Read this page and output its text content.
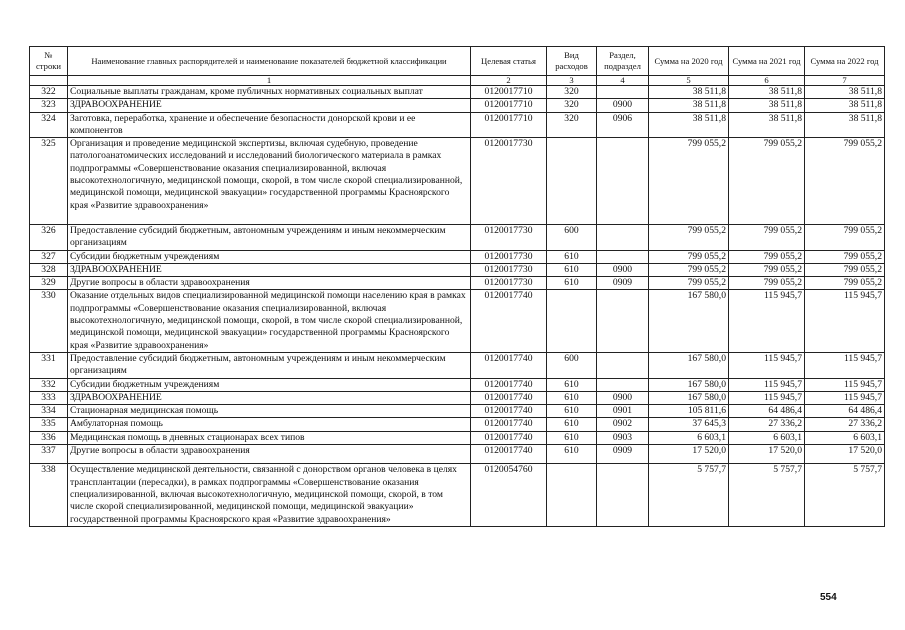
№ строки	Наименование главных распорядителей и наименование показателей бюджетной классификации	Целевая статья	Вид расходов	Раздел, подраздел	Сумма на 2020 год	Сумма на 2021 год	Сумма на 2022 год
	1	2	3	4	5	6	7
322	Социальные выплаты гражданам, кроме публичных нормативных социальных выплат	0120017710	320		38 511,8	38 511,8	38 511,8
323	ЗДРАВООХРАНЕНИЕ	0120017710	320	0900	38 511,8	38 511,8	38 511,8
324	Заготовка, переработка, хранение и обеспечение безопасности донорской крови и ее компонентов	0120017710	320	0906	38 511,8	38 511,8	38 511,8
325	Организация и проведение медицинской экспертизы, включая судебную, проведение патологоанатомических исследований и исследований биологического материала в рамках подпрограммы «Совершенствование оказания специализированной, включая высокотехнологичную, медицинской помощи, скорой, в том числе скорой специализированной, медицинской помощи, медицинской эвакуации» государственной программы Красноярского края «Развитие здравоохранения»	0120017730			799 055,2	799 055,2	799 055,2
326	Предоставление субсидий бюджетным, автономным учреждениям и иным некоммерческим организациям	0120017730	600		799 055,2	799 055,2	799 055,2
327	Субсидии бюджетным учреждениям	0120017730	610		799 055,2	799 055,2	799 055,2
328	ЗДРАВООХРАНЕНИЕ	0120017730	610	0900	799 055,2	799 055,2	799 055,2
329	Другие вопросы в области здравоохранения	0120017730	610	0909	799 055,2	799 055,2	799 055,2
330	Оказание отдельных видов специализированной медицинской помощи населению края в рамках подпрограммы «Совершенствование оказания специализированной, включая высокотехнологичную, медицинской помощи, скорой, в том числе скорой специализированной, медицинской помощи, медицинской эвакуации» государственной программы Красноярского края «Развитие здравоохранения»	0120017740			167 580,0	115 945,7	115 945,7
331	Предоставление субсидий бюджетным, автономным учреждениям и иным некоммерческим организациям	0120017740	600		167 580,0	115 945,7	115 945,7
332	Субсидии бюджетным учреждениям	0120017740	610		167 580,0	115 945,7	115 945,7
333	ЗДРАВООХРАНЕНИЕ	0120017740	610	0900	167 580,0	115 945,7	115 945,7
334	Стационарная медицинская помощь	0120017740	610	0901	105 811,6	64 486,4	64 486,4
335	Амбулаторная помощь	0120017740	610	0902	37 645,3	27 336,2	27 336,2
336	Медицинская помощь в дневных стационарах всех типов	0120017740	610	0903	6 603,1	6 603,1	6 603,1
337	Другие вопросы в области здравоохранения	0120017740	610	0909	17 520,0	17 520,0	17 520,0
338	Осуществление медицинской деятельности, связанной с донорством органов человека в целях трансплантации (пересадки), в рамках подпрограммы «Совершенствование оказания специализированной, включая высокотехнологичную, медицинской помощи, скорой, в том числе скорой специализированной, медицинской помощи, медицинской эвакуации» государственной программы Красноярского края «Развитие здравоохранения»	0120054760			5 757,7	5 757,7	5 757,7
554
